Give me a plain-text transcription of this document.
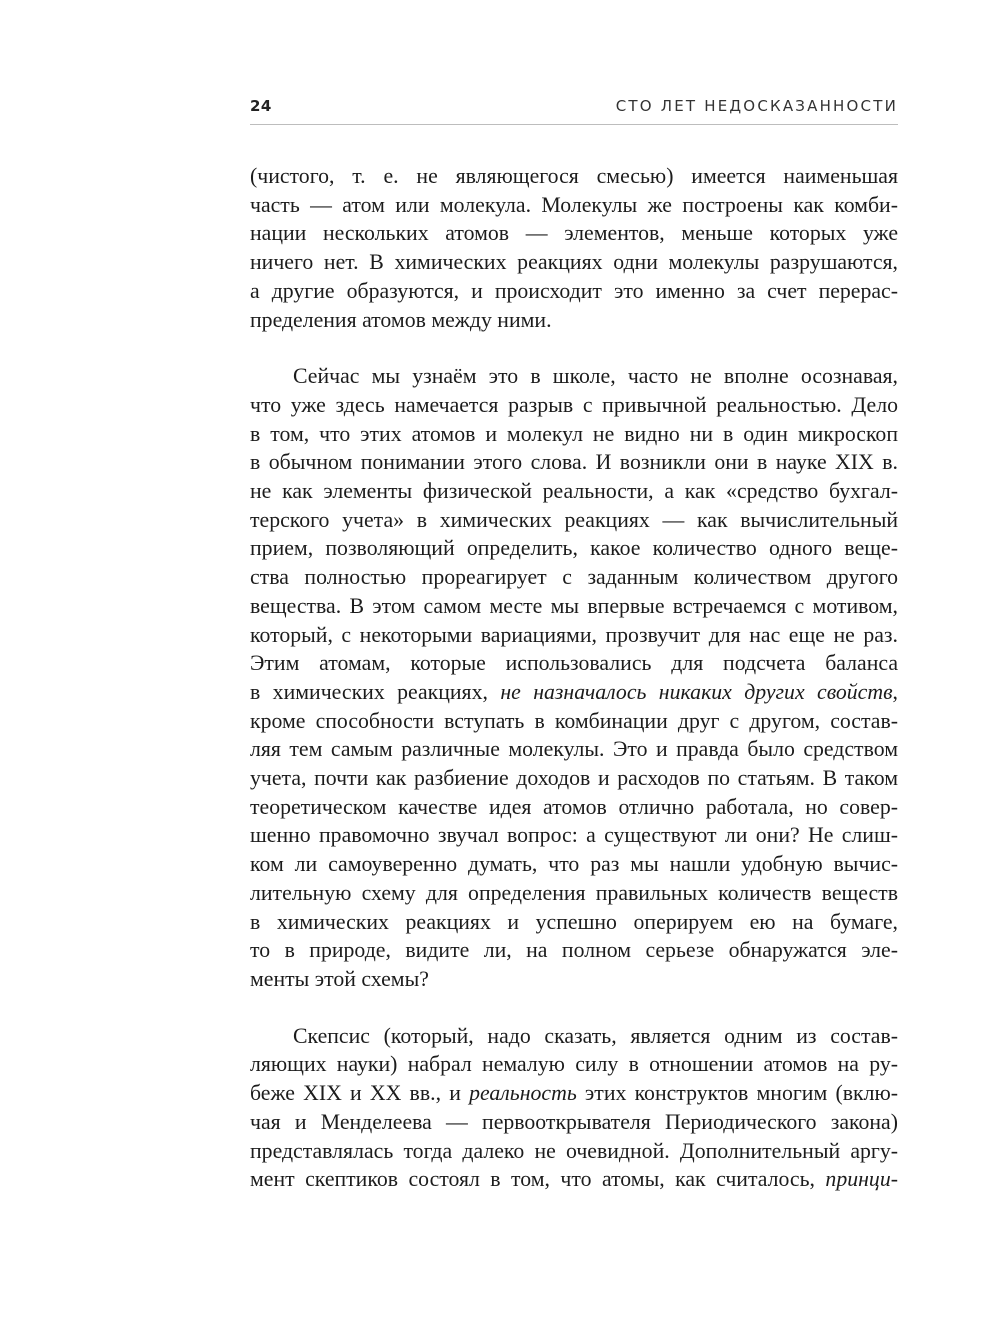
24	СТО ЛЕТ НЕДОСКАЗАННОСТИ

(чистого, т. е. не являющегося смесью) имеется наименьшая
часть — атом или молекула. Молекулы же построены как комби-
нации нескольких атомов — элементов, меньше которых уже
ничего нет. В химических реакциях одни молекулы разрушаются,
а другие образуются, и происходит это именно за счет перерас-
пределения атомов между ними.

Сейчас мы узнаём это в школе, часто не вполне осознавая,
что уже здесь намечается разрыв с привычной реальностью. Дело
в том, что этих атомов и молекул не видно ни в один микроскоп
в обычном понимании этого слова. И возникли они в науке XIX в.
не как элементы физической реальности, а как «средство бухгал-
терского учета» в химических реакциях — как вычислительный
прием, позволяющий определить, какое количество одного веще-
ства полностью прореагирует с заданным количеством другого
вещества. В этом самом месте мы впервые встречаемся с мотивом,
который, с некоторыми вариациями, прозвучит для нас еще не раз.
Этим атомам, которые использовались для подсчета баланса
в химических реакциях, не назначалось никаких других свойств,
кроме способности вступать в комбинации друг с другом, состав-
ляя тем самым различные молекулы. Это и правда было средством
учета, почти как разбиение доходов и расходов по статьям. В таком
теоретическом качестве идея атомов отлично работала, но совер-
шенно правомочно звучал вопрос: а существуют ли они? Не слиш-
ком ли самоуверенно думать, что раз мы нашли удобную вычис-
лительную схему для определения правильных количеств веществ
в химических реакциях и успешно оперируем ею на бумаге,
то в природе, видите ли, на полном серьезе обнаружатся эле-
менты этой схемы?

Скепсис (который, надо сказать, является одним из состав-
ляющих науки) набрал немалую силу в отношении атомов на ру-
беже XIX и XX вв., и реальность этих конструктов многим (вклю-
чая и Менделеева — первооткрывателя Периодического закона)
представлялась тогда далеко не очевидной. Дополнительный аргу-
мент скептиков состоял в том, что атомы, как считалось, принци-
